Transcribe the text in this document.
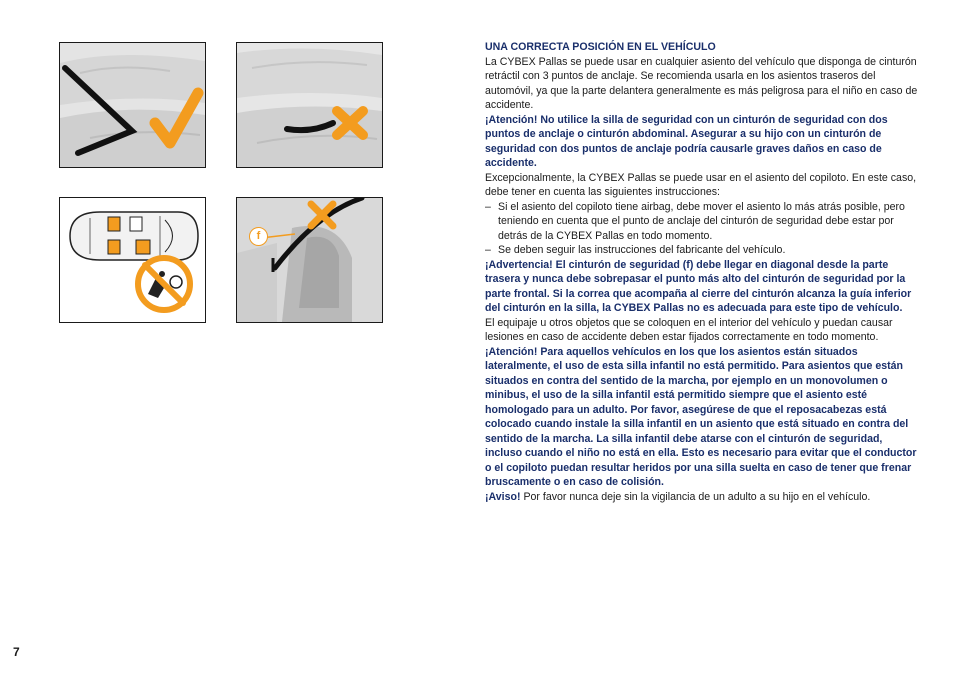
f

UNA CORRECTA POSICIÓN EN EL VEHÍCULO

La CYBEX Pallas se puede usar en cualquier asiento del vehículo que disponga de cinturón retráctil con 3 puntos de anclaje. Se recomienda usarla en los asientos traseros del automóvil, ya que la parte delantera generalmente es más peligrosa para el niño en caso de accidente.

¡Atención! No utilice la silla de seguridad con un cinturón de seguridad con dos puntos de anclaje o cinturón abdominal. Asegurar a su hijo con un cinturón de seguridad con dos puntos de anclaje podría causarle graves daños en caso de accidente.

Excepcionalmente, la CYBEX Pallas se puede usar en el asiento del copiloto. En este caso, debe tener en cuenta las siguientes instrucciones:

– Si el asiento del copiloto tiene airbag, debe mover el asiento lo más atrás posible, pero teniendo en cuenta que el punto de anclaje del cinturón de seguridad debe estar por detrás de la CYBEX Pallas en todo momento.
– Se deben seguir las instrucciones del fabricante del vehículo.

¡Advertencia! El cinturón de seguridad (f) debe llegar en diagonal desde la parte trasera y nunca debe sobrepasar el punto más alto del cinturón de seguridad por la parte frontal. Si la correa que acompaña al cierre del cinturón alcanza la guía inferior del cinturón en la silla, la CYBEX Pallas no es adecuada para este tipo de vehículo.

El equipaje u otros objetos que se coloquen en el interior del vehículo y puedan causar lesiones en caso de accidente deben estar fijados correctamente en todo momento.

¡Atención! Para aquellos vehículos en los que los asientos están situados lateralmente, el uso de esta silla infantil no está permitido. Para asientos que están situados en contra del sentido de la marcha, por ejemplo en un monovolumen o minibus, el uso de la silla infantil está permitido siempre que el asiento esté homologado para un adulto. Por favor, asegúrese de que el reposacabezas está colocado cuando instale la silla infantil en un asiento que está situado en contra del sentido de la marcha. La silla infantil debe atarse con el cinturón de seguridad, incluso cuando el niño no está en ella. Esto es necesario para evitar que el conductor o el copiloto puedan resultar heridos por una silla suelta en caso de tener que frenar bruscamente o en caso de colisión.

¡Aviso! Por favor nunca deje sin la vigilancia de un adulto a su hijo en el vehículo.

7
